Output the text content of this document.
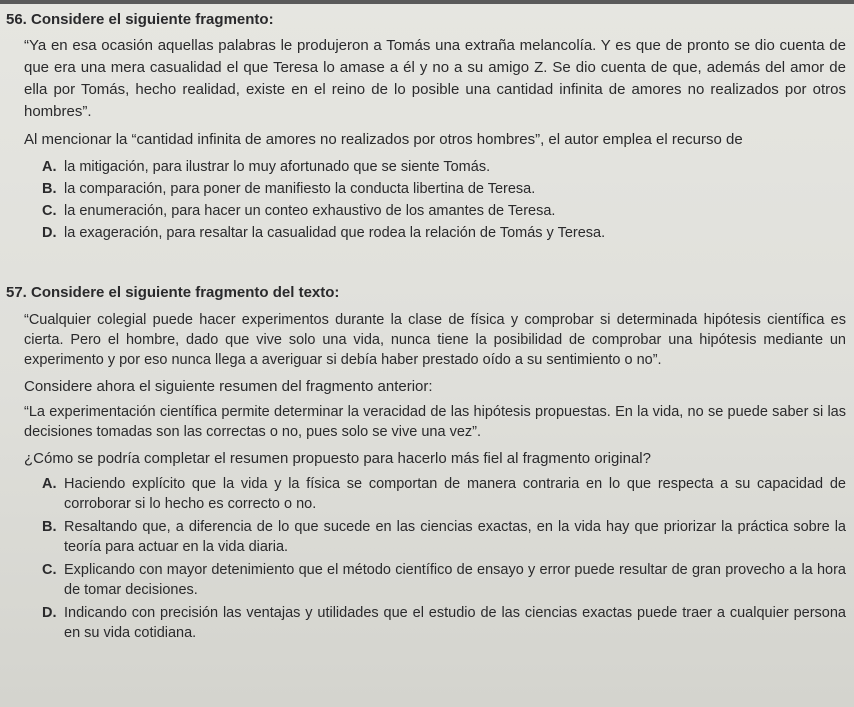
56. Considere el siguiente fragmento:

“Ya en esa ocasión aquellas palabras le produjeron a Tomás una extraña melancolía. Y es que de pronto se dio cuenta de que era una mera casualidad el que Teresa lo amase a él y no a su amigo Z. Se dio cuenta de que, además del amor de ella por Tomás, hecho realidad, existe en el reino de lo posible una cantidad infinita de amores no realizados por otros hombres”.

Al mencionar la “cantidad infinita de amores no realizados por otros hombres”, el autor emplea el recurso de

A. la mitigación, para ilustrar lo muy afortunado que se siente Tomás.
B. la comparación, para poner de manifiesto la conducta libertina de Teresa.
C. la enumeración, para hacer un conteo exhaustivo de los amantes de Teresa.
D. la exageración, para resaltar la casualidad que rodea la relación de Tomás y Teresa.

57. Considere el siguiente fragmento del texto:

“Cualquier colegial puede hacer experimentos durante la clase de física y comprobar si determinada hipótesis científica es cierta. Pero el hombre, dado que vive solo una vida, nunca tiene la posibilidad de comprobar una hipótesis mediante un experimento y por eso nunca llega a averiguar si debía haber prestado oído a su sentimiento o no”.

Considere ahora el siguiente resumen del fragmento anterior:

“La experimentación científica permite determinar la veracidad de las hipótesis propuestas. En la vida, no se puede saber si las decisiones tomadas son las correctas o no, pues solo se vive una vez”.

¿Cómo se podría completar el resumen propuesto para hacerlo más fiel al fragmento original?

A. Haciendo explícito que la vida y la física se comportan de manera contraria en lo que respecta a su capacidad de corroborar si lo hecho es correcto o no.
B. Resaltando que, a diferencia de lo que sucede en las ciencias exactas, en la vida hay que priorizar la práctica sobre la teoría para actuar en la vida diaria.
C. Explicando con mayor detenimiento que el método científico de ensayo y error puede resultar de gran provecho a la hora de tomar decisiones.
D. Indicando con precisión las ventajas y utilidades que el estudio de las ciencias exactas puede traer a cualquier persona en su vida cotidiana.
